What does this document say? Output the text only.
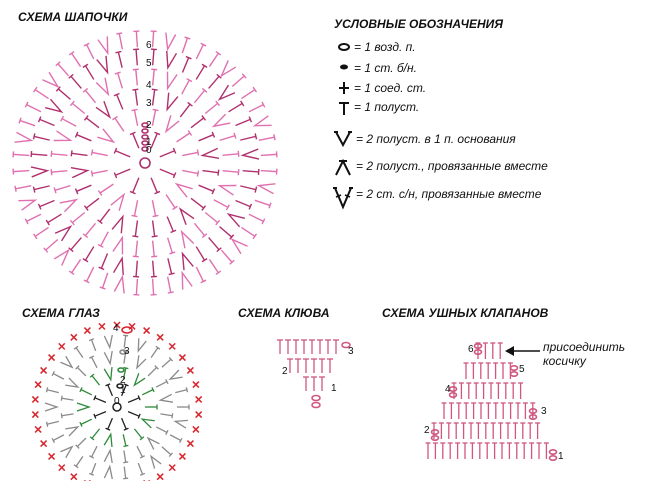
СХЕМА ШАПОЧКИ	УСЛОВНЫЕ ОБОЗНАЧЕНИЯ
СХЕМА ГЛАЗ	СХЕМА КЛЮВА	СХЕМА УШНЫХ КЛАПАНОВ
= 1 возд. п.
= 1 ст. б/н.
= 1 соед. ст.
= 1 полуст.
= 2 полуст. в 1 п. основания
= 2 полуст., провязанные вместе
= 2 ст. с/н, провязанные вместе
присоединить косичку
6
5
4
3
2
1
0
4
3
2
1
0
3
2
1
6
5
4
3
2
1
